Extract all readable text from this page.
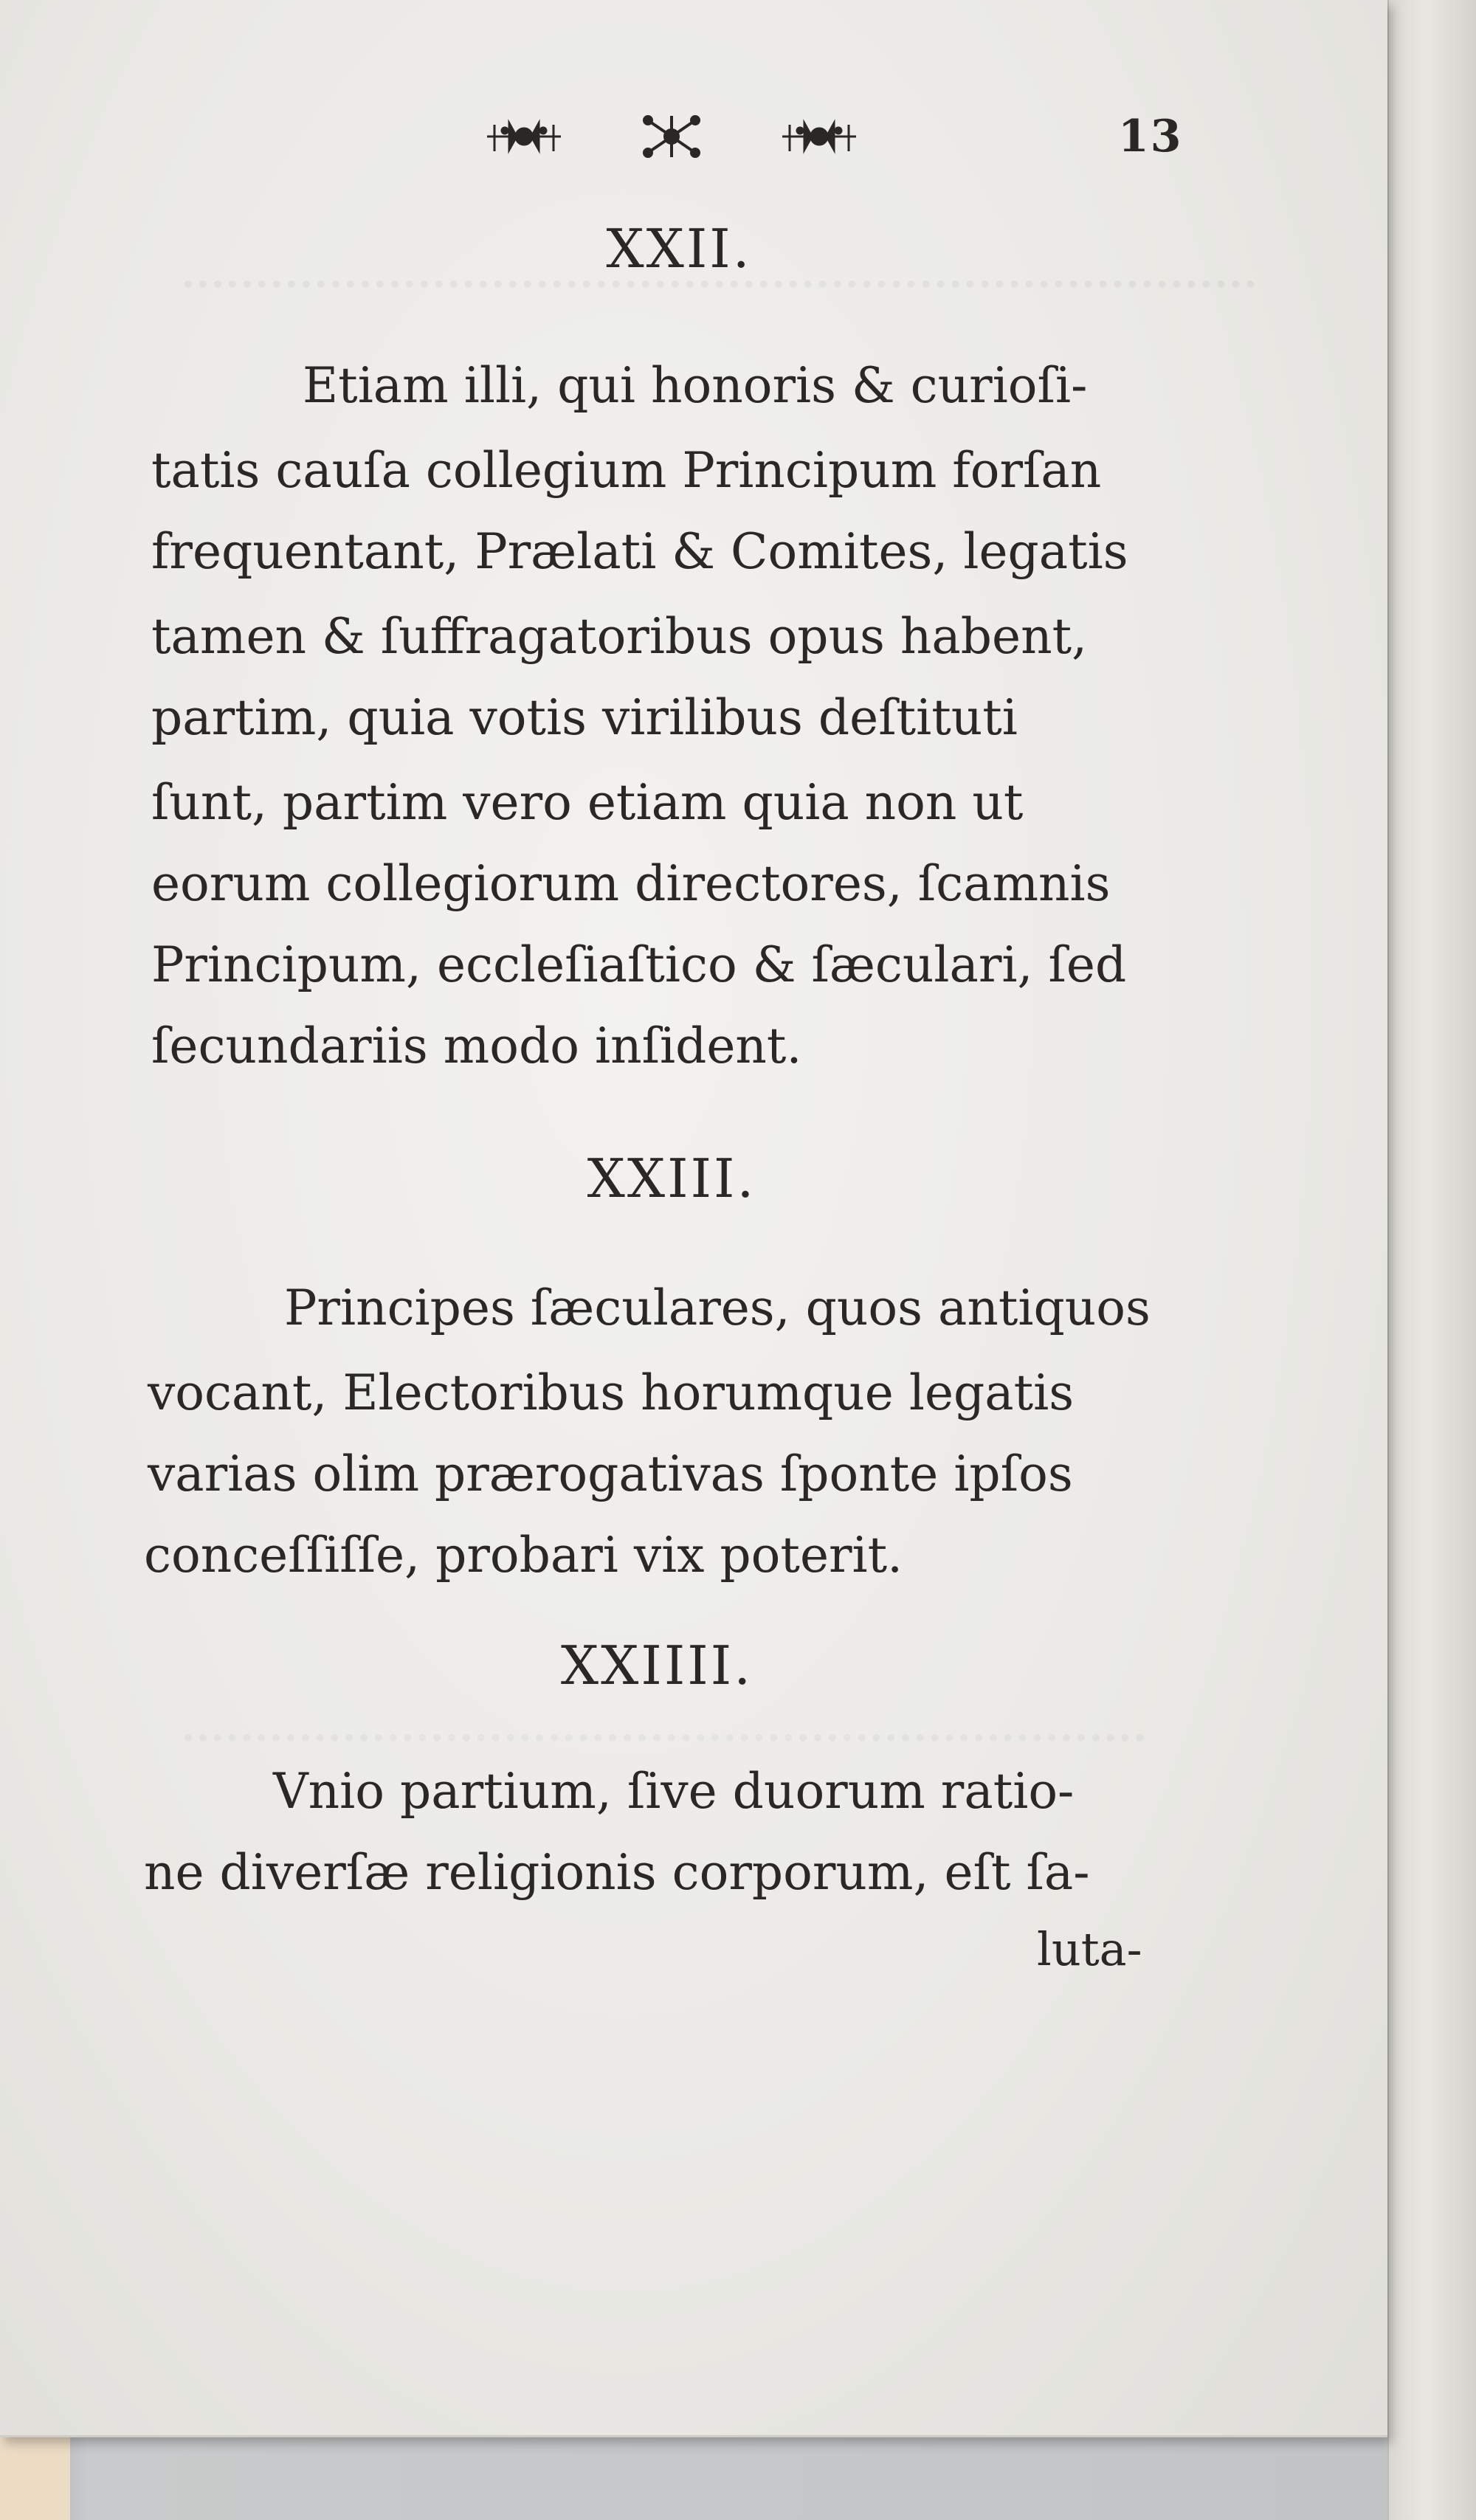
13
XXII.

Etiam illi, qui honoris & curioſi-

tatis cauſa collegium Principum forſan

frequentant, Prælati & Comites, legatis

tamen & ſuffragatoribus opus habent,

partim, quia votis virilibus deſtituti

ſunt, partim vero etiam quia non ut

eorum collegiorum directores, ſcamnis

Principum, eccleſiaſtico & ſæculari, ſed

ſecundariis modo inſident.

XXIII.

Principes ſæculares, quos antiquos

vocant, Electoribus horumque legatis

varias olim prærogativas ſponte ipſos

conceſſiſſe, probari vix poterit.

XXIIII.

Vnio partium, ſive duorum ratio-

ne diverſæ religionis corporum, eſt ſa-

luta-
